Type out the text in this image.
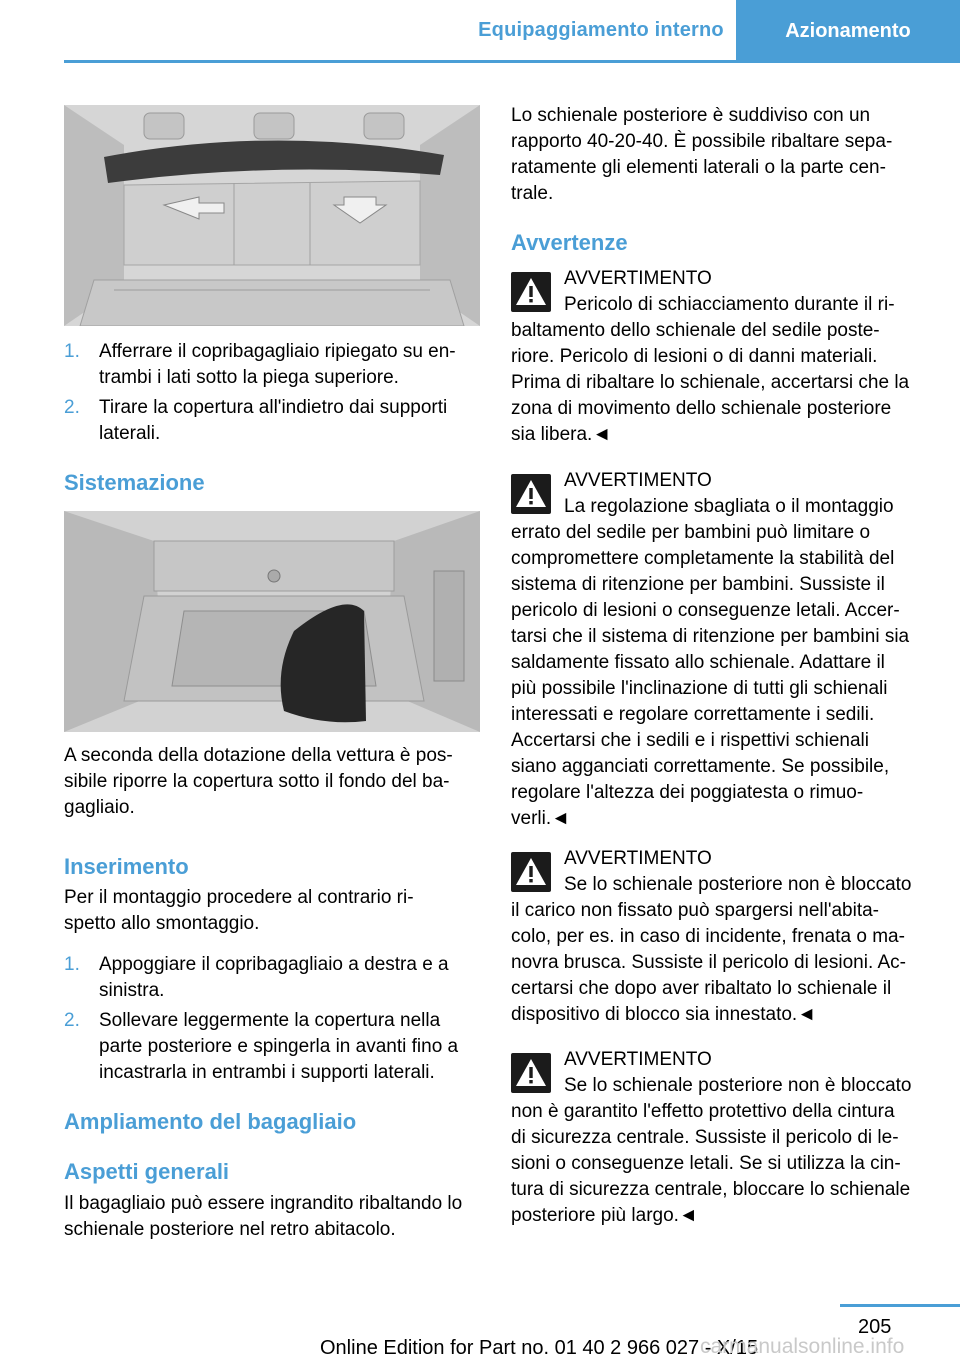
Equipaggiamento interno	Azionamento
1. Afferrare il copribagagliaio ripiegato su en-
trambi i lati sotto la piega superiore.
2. Tirare la copertura all'indietro dai supporti
laterali.
Sistemazione
A seconda della dotazione della vettura è pos-
sibile riporre la copertura sotto il fondo del ba-
gagliaio.
Inserimento
Per il montaggio procedere al contrario ri-
spetto allo smontaggio.
1. Appoggiare il copribagagliaio a destra e a
sinistra.
2. Sollevare leggermente la copertura nella
parte posteriore e spingerla in avanti fino a
incastrarla in entrambi i supporti laterali.
Ampliamento del bagagliaio
Aspetti generali
Il bagagliaio può essere ingrandito ribaltando lo
schienale posteriore nel retro abitacolo.
Lo schienale posteriore è suddiviso con un
rapporto 40-20-40. È possibile ribaltare sepa-
ratamente gli elementi laterali o la parte cen-
trale.
Avvertenze
AVVERTIMENTO
Pericolo di schiacciamento durante il ri-
baltamento dello schienale del sedile poste-
riore. Pericolo di lesioni o di danni materiali.
Prima di ribaltare lo schienale, accertarsi che la
zona di movimento dello schienale posteriore
sia libera.◄
AVVERTIMENTO
La regolazione sbagliata o il montaggio
errato del sedile per bambini può limitare o
compromettere completamente la stabilità del
sistema di ritenzione per bambini. Sussiste il
pericolo di lesioni o conseguenze letali. Accer-
tarsi che il sistema di ritenzione per bambini sia
saldamente fissato allo schienale. Adattare il
più possibile l'inclinazione di tutti gli schienali
interessati e regolare correttamente i sedili.
Accertarsi che i sedili e i rispettivi schienali
siano agganciati correttamente. Se possibile,
regolare l'altezza dei poggiatesta o rimuo-
verli.◄
AVVERTIMENTO
Se lo schienale posteriore non è bloccato
il carico non fissato può spargersi nell'abita-
colo, per es. in caso di incidente, frenata o ma-
novra brusca. Sussiste il pericolo di lesioni. Ac-
certarsi che dopo aver ribaltato lo schienale il
dispositivo di blocco sia innestato.◄
AVVERTIMENTO
Se lo schienale posteriore non è bloccato
non è garantito l'effetto protettivo della cintura
di sicurezza centrale. Sussiste il pericolo di le-
sioni o conseguenze letali. Se si utilizza la cin-
tura di sicurezza centrale, bloccare lo schienale
posteriore più largo.◄
205
Online Edition for Part no. 01 40 2 966 027 - X/15
carmanualsonline.info
